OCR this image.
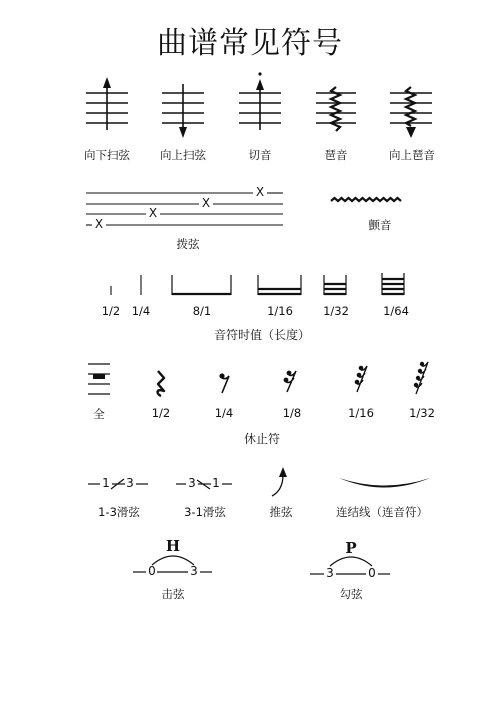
曲谱常见符号
向下扫弦	向上扫弦	切音	琶音	向上琶音
X
X
X
X
拨弦
颤音
1/2 1/4	8/1	1/16	1/32	1/64
音符时值（长度）
全	1/2	1/4	1/8	1/16	1/32
休止符
1 3	3 1
1-3滑弦	3-1滑弦	推弦	连结线（连音符）
H
0	3
击弦
P
3	0
勾弦
